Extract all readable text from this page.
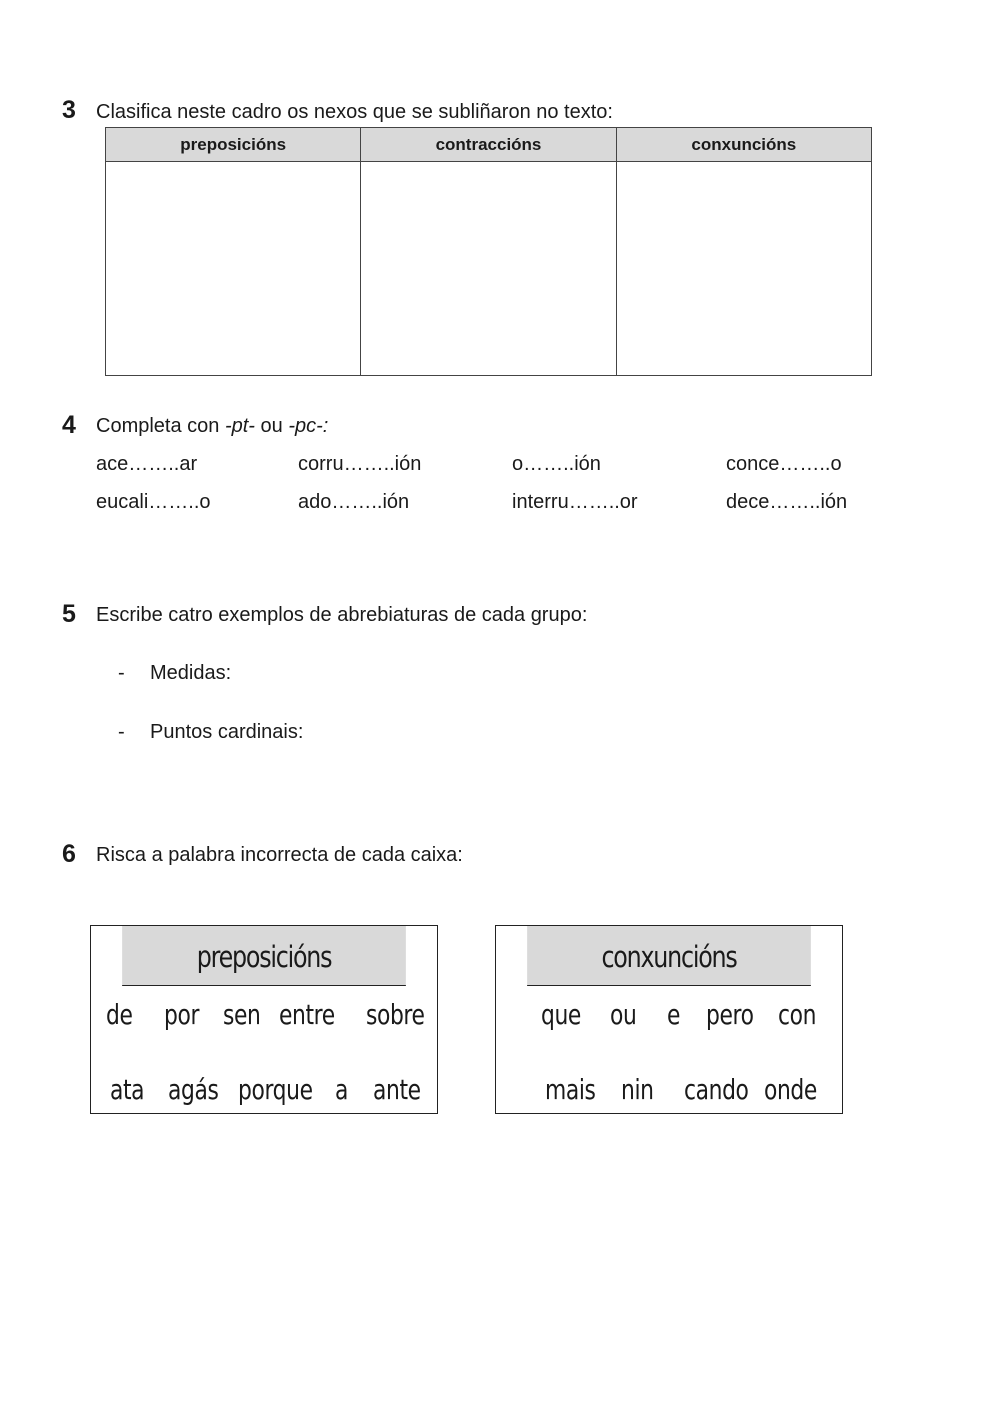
3 Clasifica neste cadro os nexos que se subliñaron no texto:
preposicións	contraccións	conxuncións

4 Completa con -pt- ou -pc-:
ace……..ar	corru……..ión	o……..ión	conce……..o
eucali……..o	ado……..ión	interru……..or	dece……..ión
5 Escribe catro exemplos de abrebiaturas de cada grupo:
- Medidas:
- Puntos cardinais:
6 Risca a palabra incorrecta de cada caixa:
preposicións
de por sen entre sobre
ata agás porque a ante
conxuncións
que ou e pero con
mais nin cando onde
